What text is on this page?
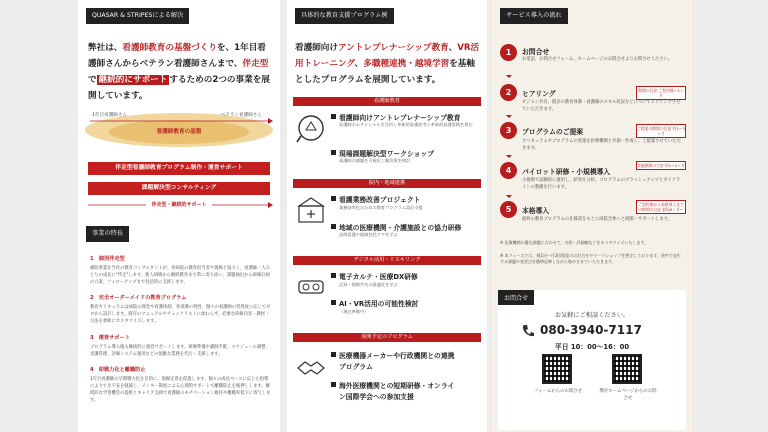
QUASAR & STRIPESによる解決
弊社は、看護師教育の基盤づくりを、1年目看護師さんからベテラン看護師さんまで、伴走型で 継続的にサポート するための2つの事業を展開しています。
1年目看護師さん	ベテラン看護師さん
看護師教育の基盤
伴走型看護師教育プログラム制作・運営サポート
課題解決型コンサルティング
伴走型・継続的サポート
事業の特長
1　個別伴走型
補助事業な当社の教育コンサルタントが、各病院の教育担当者や現場と協力し、看護師一人ひとりの成長に"伴走"します。新人研修から継続教育まで常に寄り添い、課題抽出から研修計画の立案、フォローアップまで包括的に支援します。
2　完全オーダーメイドの教育プログラム
教育カリキュラムは病院の理念や看護体制、各部署の特性、個々の看護師の習熟度に応じてゼロから設計します。既存のマニュアルやチェックリストに加わらず、必要な研修内容・教材・方法を柔軟にカスタマイズします。
3　運営サポート
プログラム導入後も継続的に運営サポートします。研修準備や講師手配、スケジュール調整、受講管理、評価システム運用などの煩雑な業務を代行・支援します。
4　即戦力化と離職防止
1年目看護師の早期戦力化を目的に、現場定着を促進します。個々の成長ペースに応じた指導によりでき不安を軽減し、メンター制度による心理的サポートで離職防止を後押しします。継続的な学習機会の提供とキャリア支援で看護師のモチベーション維持や離職率低下に寄与します。
具体的な教育支援プログラム例
看護師向けアントレプレナーシップ教育、VR活用トレーニング、多職種連携・越境学習を基軸としたプログラムを展開しています。
看護師教育
看護師向けアントレプレナーシップ教育
看護師のポテンシャルを活用し革新的看護思考と革新的看護実践を育む
現場課題解決型ワークショップ
看護師の課題を可視化し解決策を検討
院内・地域連携
看護業務改善プロジェクト
業務効率化のための教育プログラム設計支援
地域の医療機関・介護施設との協力研修
訪問看護や地域包括ケアを学ぶ
デジタル活用・リスキリング
電子カルテ・医療DX研修
記録・情報共有の最適化を学ぶ
AI・VR活用の可能性検討
（現在準備中）
展開予定のプログラム
医療機器メーカーや行政機関との連携
プログラム
海外医療機関との短期研修・オンライ
ン国際学会への参加支援
サービス導入の流れ
1	お問合せ
お電話、お問合せフォーム、ホームページのお問合せよりお問合せください。
2	ヒアリング	期間の目安 ご契約後〜1ヶ月
ビジョン共有、既存の教育体制・看護師のスキル状況などについてヒアリングさせていただきます。
3	プログラムのご提案	ご提案の期間の目安 約1〜3ヶ月
カリキュラムやプログラムの実案を医療機関と共創・作成し、ご提案させていただきます。
4	パイロット研修・小規模導入
実施期間の目安 約1〜2ヶ月
小規模で試験的に運用し、結果を分析。プログラムのブラッシュアップとガイドラインの整備を行います。
5	本格導入
ご契約後から本格導入までの期間の目安 最短6ヶ月〜
最終の教育プログラムの仕様書をもとに両院全体へと展開・サポートします。
※ 医療機関の優先課題に合わせて、内容・評価軸などをカスタマイズいたします。
※ 本フェーズでは、週1回〜月2回程度のお打合せやワークショップを想定しております。途中で発生する課題や変更点を随時反映しながら進めさせていただきます。
お問合せ
お気軽にご相談ください。
080-3940-7117
平日 10：00〜16：00
フォームからのお問合せ	弊社ホームページからのお問合せ
